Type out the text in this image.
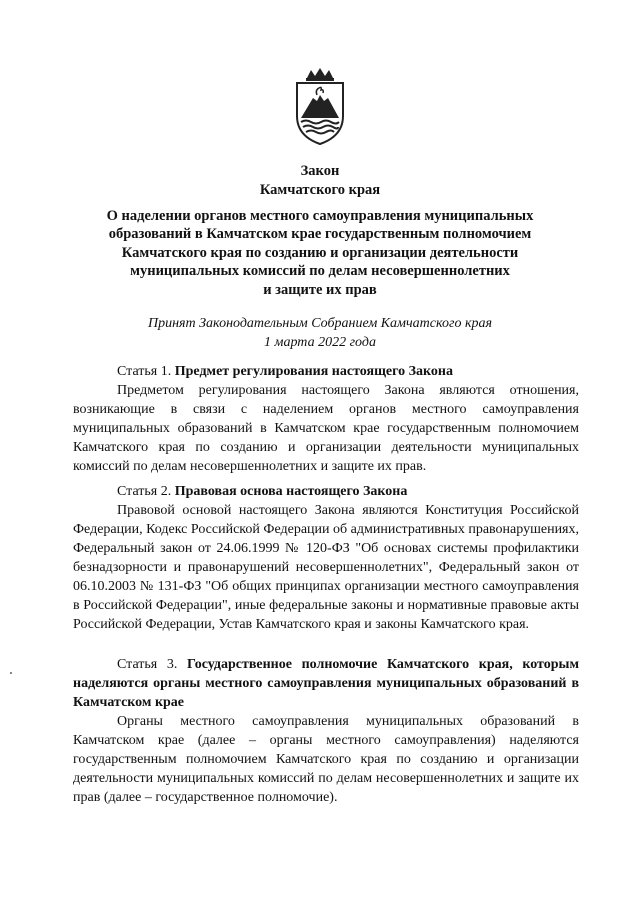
Закон
Камчатского края
О наделении органов местного самоуправления муниципальных
образований в Камчатском крае государственным полномочием
Камчатского края по созданию и организации деятельности
муниципальных комиссий по делам несовершеннолетних
и защите их прав
Принят Законодательным Собранием Камчатского края
1 марта 2022 года
Статья 1. Предмет регулирования настоящего Закона
Предметом регулирования настоящего Закона являются отношения, возникающие в связи с наделением органов местного самоуправления муниципальных образований в Камчатском крае государственным полномочием Камчатского края по созданию и организации деятельности муниципальных комиссий по делам несовершеннолетних и защите их прав.
Статья 2. Правовая основа настоящего Закона
Правовой основой настоящего Закона являются Конституция Российской Федерации, Кодекс Российской Федерации об административных правонарушениях, Федеральный закон от 24.06.1999 № 120-ФЗ "Об основах системы профилактики безнадзорности и правонарушений несовершеннолетних", Федеральный закон от 06.10.2003 № 131-ФЗ "Об общих принципах организации местного самоуправления в Российской Федерации", иные федеральные законы и нормативные правовые акты Российской Федерации, Устав Камчатского края и законы Камчатского края.
Статья 3. Государственное полномочие Камчатского края, которым наделяются органы местного самоуправления муниципальных образований в Камчатском крае
Органы местного самоуправления муниципальных образований в Камчатском крае (далее – органы местного самоуправления) наделяются государственным полномочием Камчатского края по созданию и организации деятельности муниципальных комиссий по делам несовершеннолетних и защите их прав (далее – государственное полномочие).
